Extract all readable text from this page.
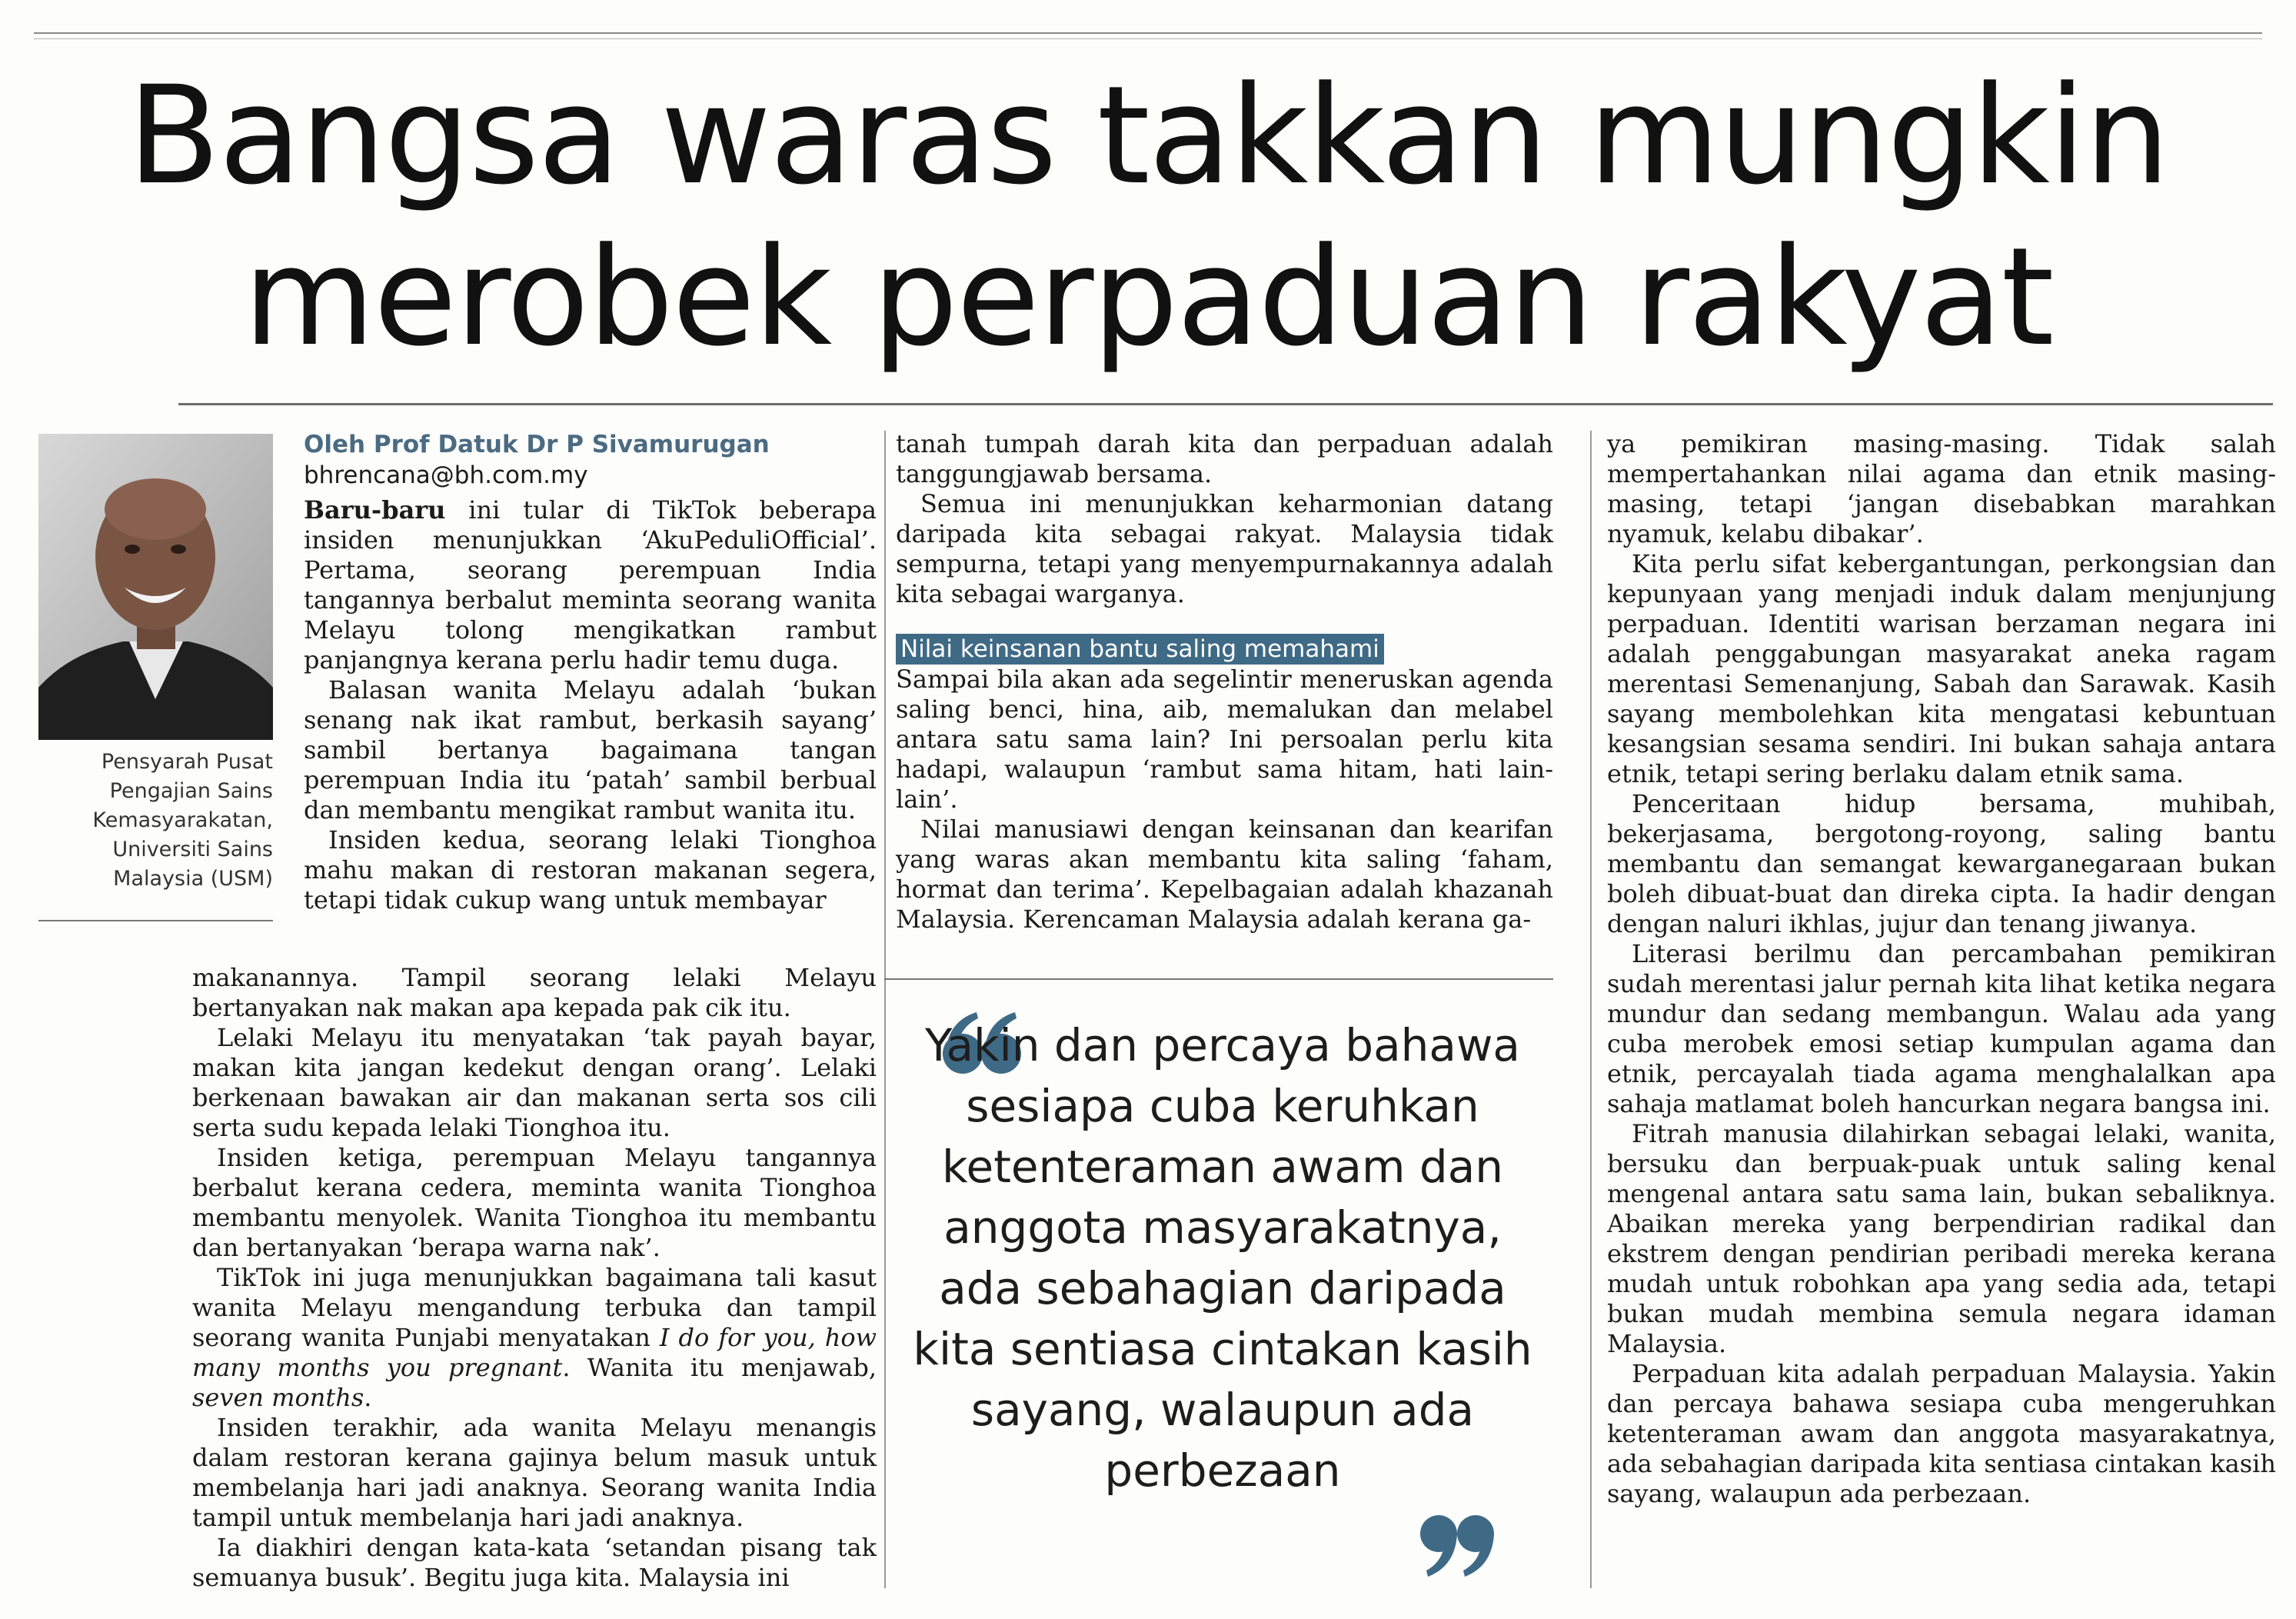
Bangsa waras takkan mungkin
merobek perpaduan rakyat
Pensyarah Pusat
Pengajian Sains
Kemasyarakatan,
Universiti Sains
Malaysia (USM)

Oleh Prof Datuk Dr P Sivamurugan

bhrencana@bh.com.my

Baru-baru ini tular di TikTok beberapa insiden menunjukkan ‘AkuPeduliOfficial’. Pertama, seorang perempuan India tangannya berbalut meminta seorang wanita Melayu tolong mengikatkan rambut panjangnya kerana perlu hadir temu duga.

Balasan wanita Melayu adalah ‘bukan senang nak ikat rambut, berkasih sayang’ sambil bertanya bagaimana tangan perempuan India itu ‘patah’ sambil berbual dan membantu mengikat rambut wanita itu.

Insiden kedua, seorang lelaki Tionghoa mahu makan di restoran makanan segera, tetapi tidak cukup wang untuk membayar

makanannya. Tampil seorang lelaki Melayu bertanyakan nak makan apa kepada pak cik itu.

Lelaki Melayu itu menyatakan ‘tak payah bayar, makan kita jangan kedekut dengan orang’. Lelaki berkenaan bawakan air dan makanan serta sos cili serta sudu kepada lelaki Tionghoa itu.

Insiden ketiga, perempuan Melayu tangannya berbalut kerana cedera, meminta wanita Tionghoa membantu menyolek. Wanita Tionghoa itu membantu dan bertanyakan ‘berapa warna nak’.

TikTok ini juga menunjukkan bagaimana tali kasut wanita Melayu mengandung terbuka dan tampil seorang wanita Punjabi menyatakan I do for you, how many months you pregnant. Wanita itu menjawab, seven months.

Insiden terakhir, ada wanita Melayu menangis dalam restoran kerana gajinya belum masuk untuk membelanja hari jadi anaknya. Seorang wanita India tampil untuk membelanja hari jadi anaknya.

Ia diakhiri dengan kata-kata ‘setandan pisang tak semuanya busuk’. Begitu juga kita. Malaysia ini

tanah tumpah darah kita dan perpaduan adalah tanggungjawab bersama.

Semua ini menunjukkan keharmonian datang daripada kita sebagai rakyat. Malaysia tidak sempurna, tetapi yang menyempurnakannya adalah kita sebagai warganya.

Nilai keinsanan bantu saling memahami

Sampai bila akan ada segelintir meneruskan agenda saling benci, hina, aib, memalukan dan melabel antara satu sama lain? Ini persoalan perlu kita hadapi, walaupun ‘rambut sama hitam, hati lain-lain’.

Nilai manusiawi dengan keinsanan dan kearifan yang waras akan membantu kita saling ‘faham, hormat dan terima’. Kepelbagaian adalah khazanah Malaysia. Kerencaman Malaysia adalah kerana ga-

Yakin dan percaya bahawa sesiapa cuba keruhkan ketenteraman awam dan anggota masyarakatnya, ada sebahagian daripada kita sentiasa cintakan kasih sayang, walaupun ada perbezaan

ya pemikiran masing-masing. Tidak salah mempertahankan nilai agama dan etnik masing-masing, tetapi ‘jangan disebabkan marahkan nyamuk, kelabu dibakar’.

Kita perlu sifat kebergantungan, perkongsian dan kepunyaan yang menjadi induk dalam menjunjung perpaduan. Identiti warisan berzaman negara ini adalah penggabungan masyarakat aneka ragam merentasi Semenanjung, Sabah dan Sarawak. Kasih sayang membolehkan kita mengatasi kebuntuan kesangsian sesama sendiri. Ini bukan sahaja antara etnik, tetapi sering berlaku dalam etnik sama.

Penceritaan hidup bersama, muhibah, bekerjasama, bergotong-royong, saling bantu membantu dan semangat kewarganegaraan bukan boleh dibuat-buat dan direka cipta. Ia hadir dengan dengan naluri ikhlas, jujur dan tenang jiwanya.

Literasi berilmu dan percambahan pemikiran sudah merentasi jalur pernah kita lihat ketika negara mundur dan sedang membangun. Walau ada yang cuba merobek emosi setiap kumpulan agama dan etnik, percayalah tiada agama menghalalkan apa sahaja matlamat boleh hancurkan negara bangsa ini.

Fitrah manusia dilahirkan sebagai lelaki, wanita, bersuku dan berpuak-puak untuk saling kenal mengenal antara satu sama lain, bukan sebaliknya. Abaikan mereka yang berpendirian radikal dan ekstrem dengan pendirian peribadi mereka kerana mudah untuk robohkan apa yang sedia ada, tetapi bukan mudah membina semula negara idaman Malaysia.

Perpaduan kita adalah perpaduan Malaysia. Yakin dan percaya bahawa sesiapa cuba mengeruhkan ketenteraman awam dan anggota masyarakatnya, ada sebahagian daripada kita sentiasa cintakan kasih sayang, walaupun ada perbezaan.
